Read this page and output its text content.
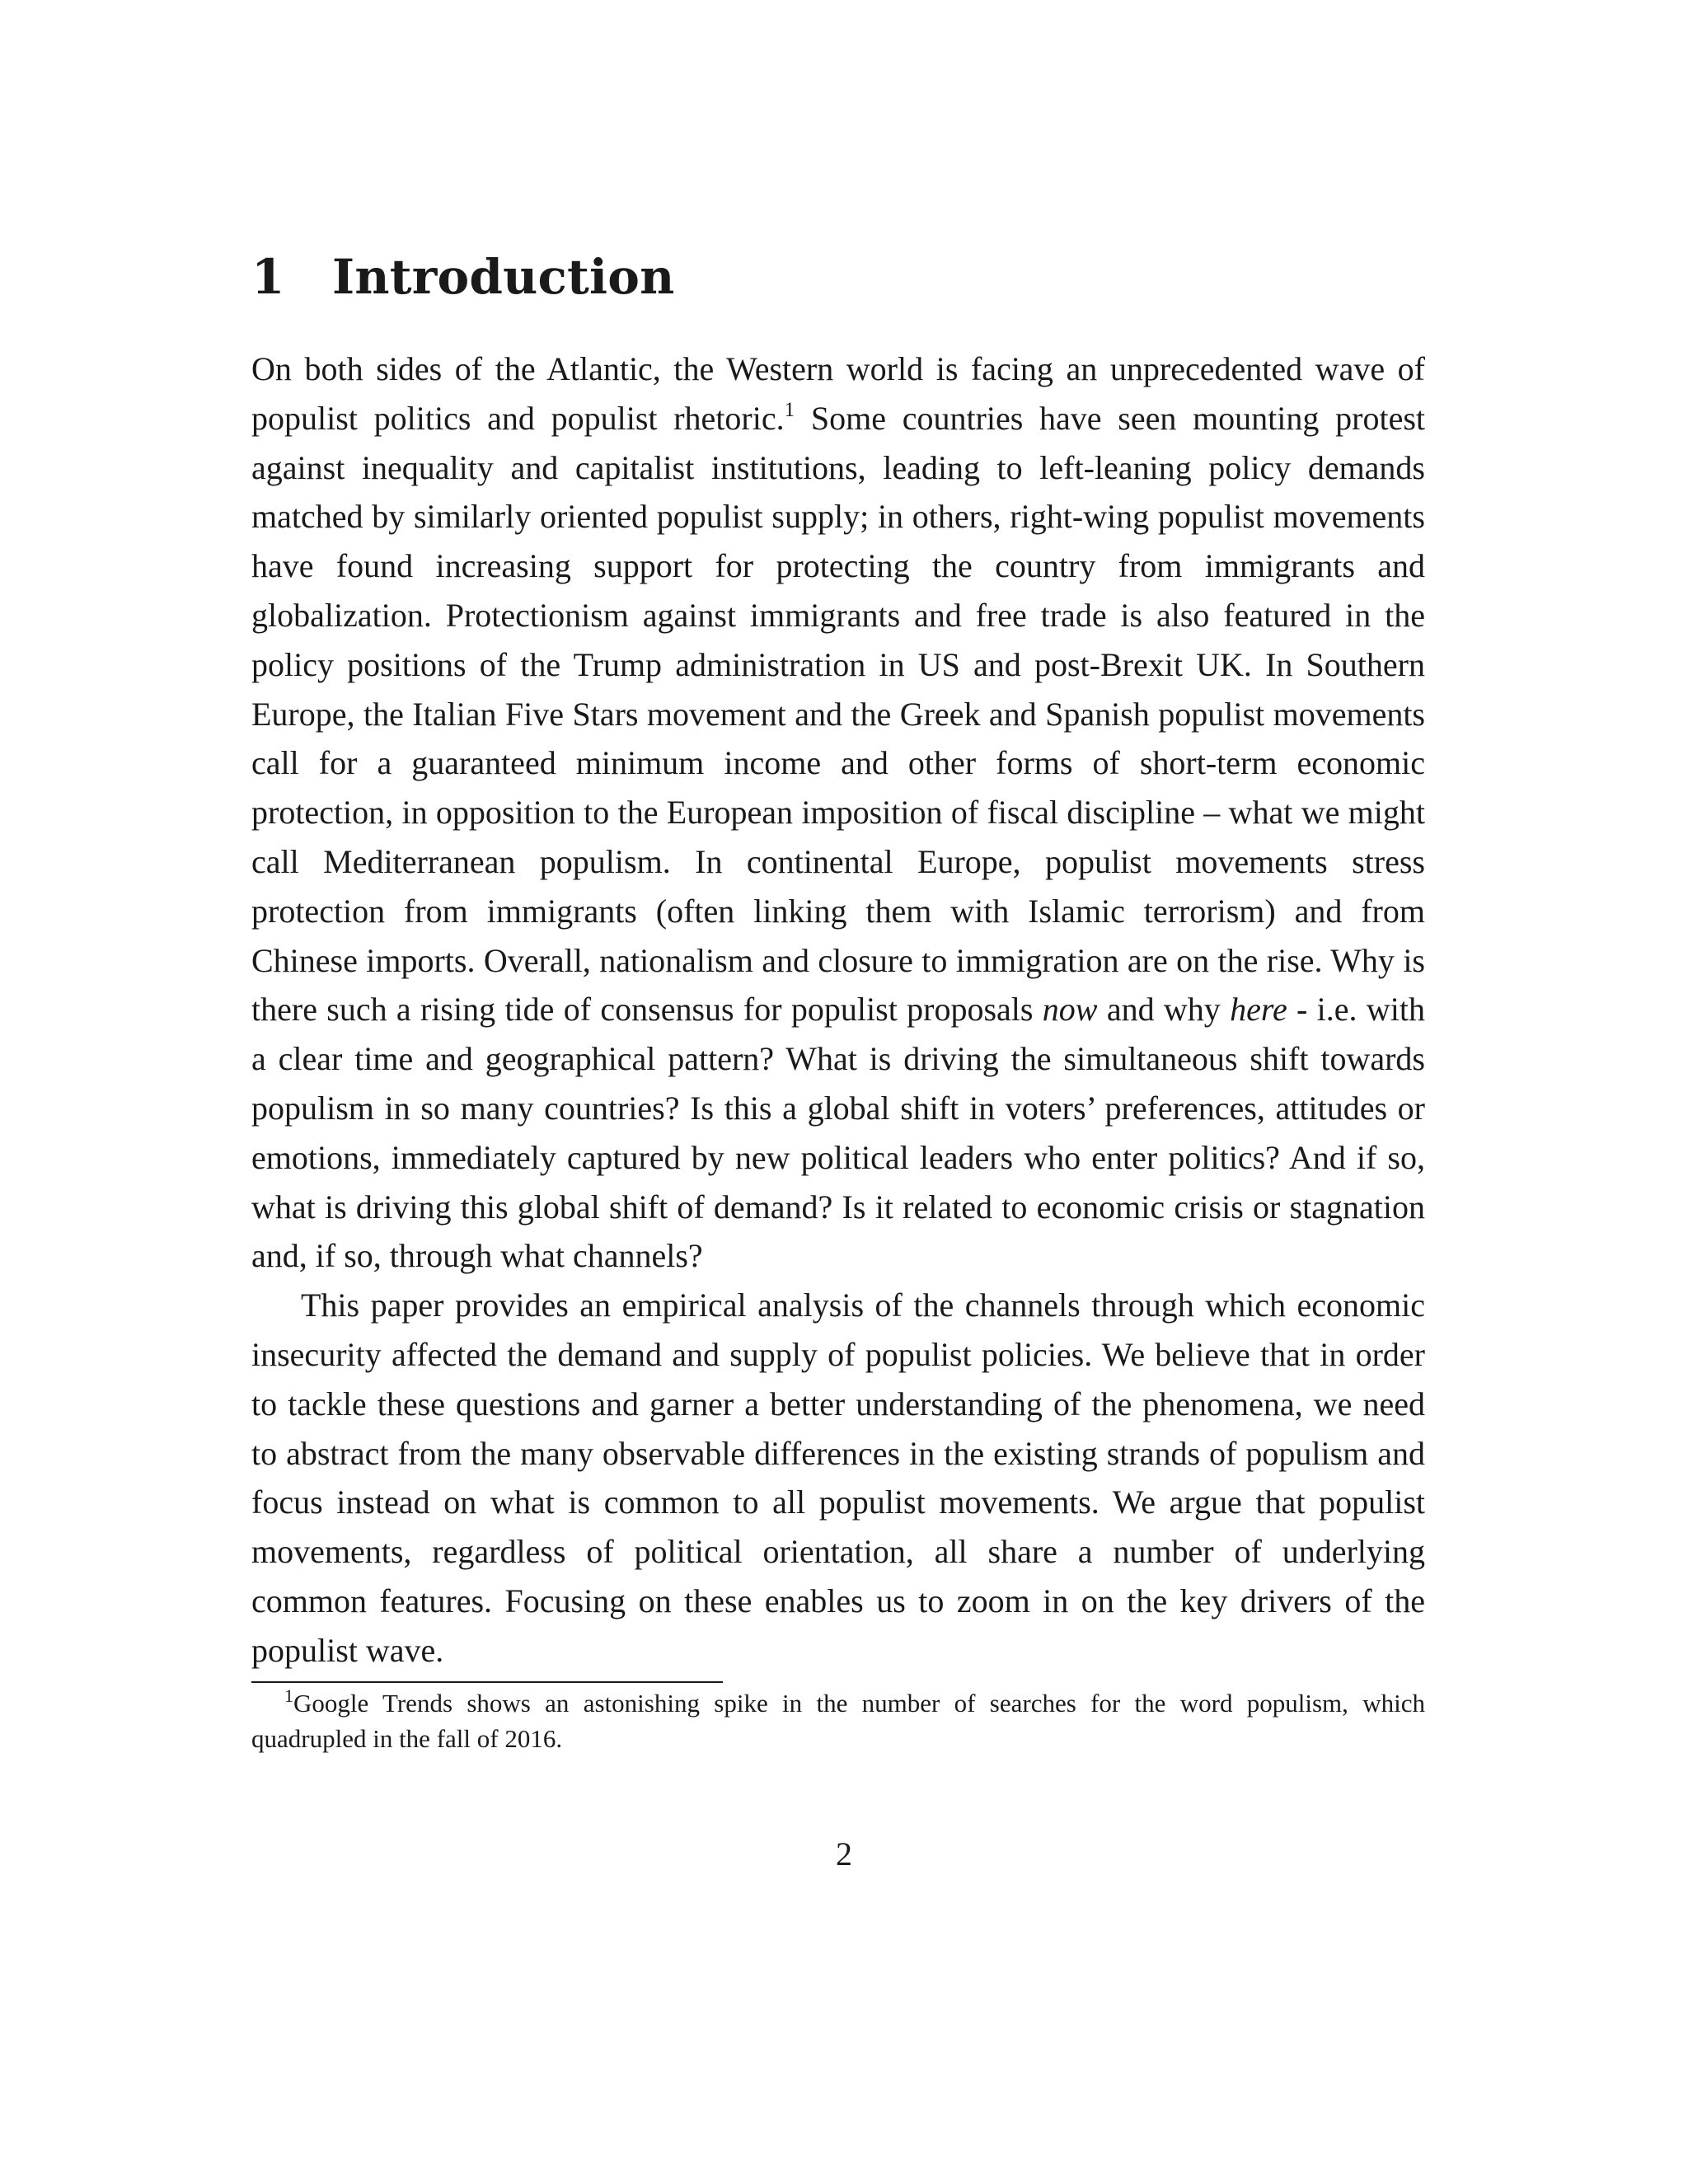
1 Introduction

On both sides of the Atlantic, the Western world is facing an unprecedented wave of populist politics and populist rhetoric.$^1$ Some countries have seen mounting protest against inequality and capitalist institutions, leading to left-leaning policy demands matched by similarly oriented populist supply; in others, right-wing populist movements have found increasing support for protecting the country from immigrants and globalization. Protectionism against immigrants and free trade is also featured in the policy positions of the Trump administration in US and post-Brexit UK. In Southern Europe, the Italian Five Stars movement and the Greek and Spanish populist movements call for a guaranteed minimum income and other forms of short-term economic protection, in opposition to the European imposition of fiscal discipline – what we might call Mediterranean populism. In continental Europe, populist movements stress protection from immigrants (often linking them with Islamic terrorism) and from Chinese imports. Overall, nationalism and closure to immigration are on the rise. Why is there such a rising tide of consensus for populist proposals now and why here - i.e. with a clear time and geographical pattern? What is driving the simultaneous shift towards populism in so many countries? Is this a global shift in voters’ preferences, attitudes or emotions, immediately captured by new political leaders who enter politics? And if so, what is driving this global shift of demand? Is it related to economic crisis or stagnation and, if so, through what channels?

This paper provides an empirical analysis of the channels through which economic insecurity affected the demand and supply of populist policies. We believe that in order to tackle these questions and garner a better understanding of the phenomena, we need to abstract from the many observable differences in the existing strands of populism and focus instead on what is common to all populist movements. We argue that populist movements, regardless of political orientation, all share a number of underlying common features. Focusing on these enables us to zoom in on the key drivers of the populist wave.

$^1$Google Trends shows an astonishing spike in the number of searches for the word populism, which quadrupled in the fall of 2016.

2
